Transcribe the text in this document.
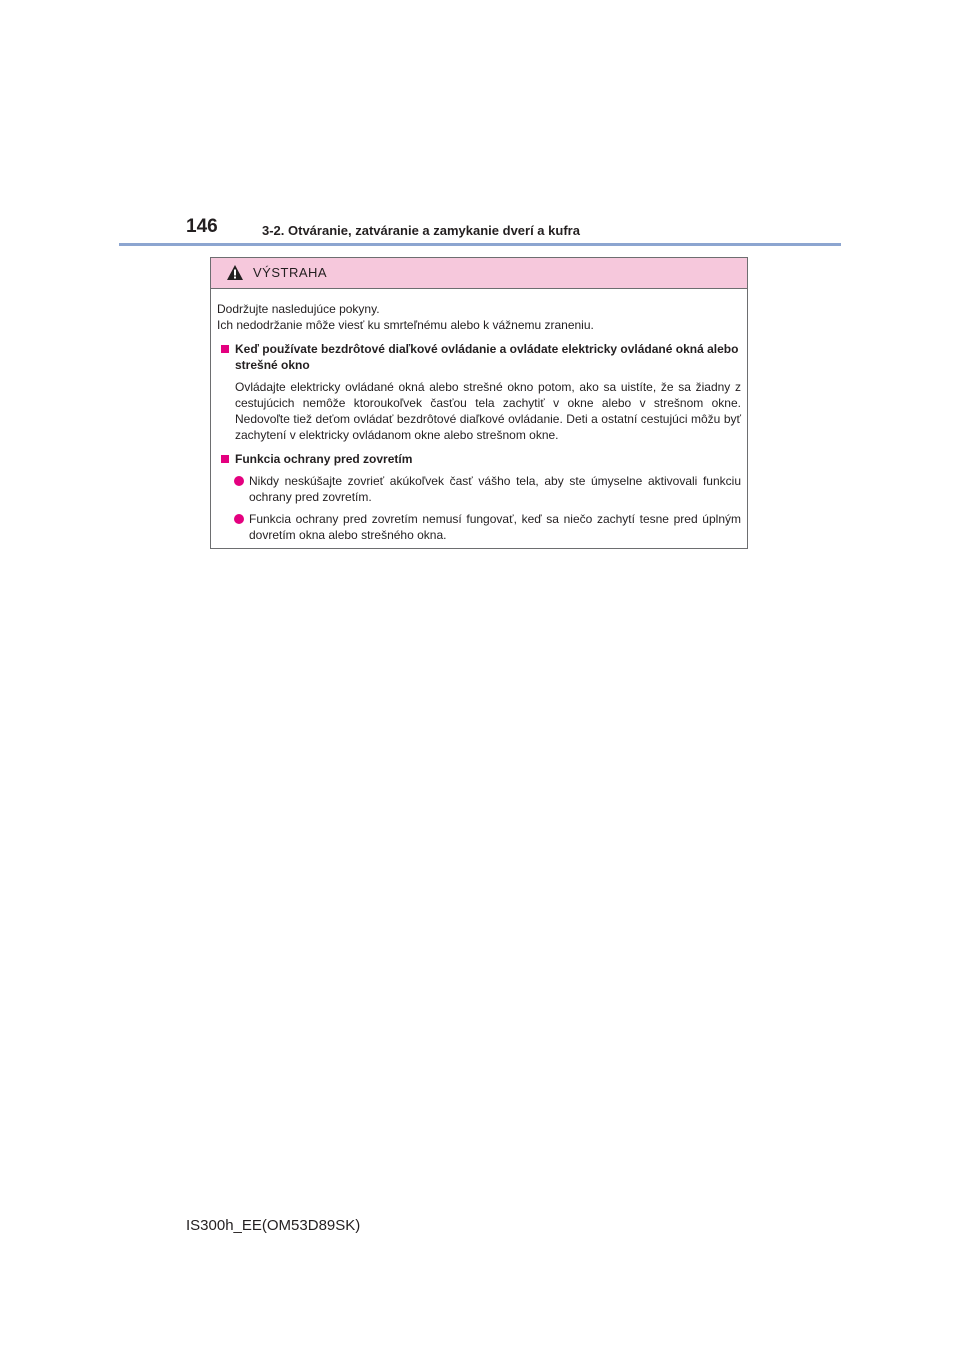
146	3-2. Otváranie, zatváranie a zamykanie dverí a kufra
VÝSTRAHA
Dodržujte nasledujúce pokyny.
Ich nedodržanie môže viesť ku smrteľnému alebo k vážnemu zraneniu.
Keď používate bezdrôtové diaľkové ovládanie a ovládate elektricky ovládané okná alebo strešné okno
Ovládajte elektricky ovládané okná alebo strešné okno potom, ako sa uistíte, že sa žiadny z cestujúcich nemôže ktoroukoľvek časťou tela zachytiť v okne alebo v strešnom okne. Nedovoľte tiež deťom ovládať bezdrôtové diaľkové ovládanie. Deti a ostatní cestujúci môžu byť zachytení v elektricky ovládanom okne alebo strešnom okne.
Funkcia ochrany pred zovretím
Nikdy neskúšajte zovrieť akúkoľvek časť vášho tela, aby ste úmyselne aktivovali funkciu ochrany pred zovretím.
Funkcia ochrany pred zovretím nemusí fungovať, keď sa niečo zachytí tesne pred úplným dovretím okna alebo strešného okna.
IS300h_EE(OM53D89SK)
